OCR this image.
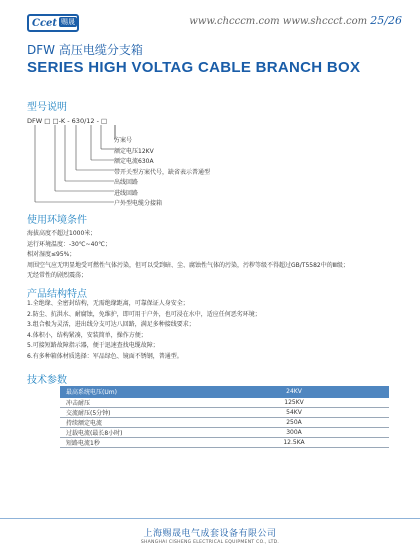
Ccet 赐晟	www.chcccт.com www.shccct.com 25/26
DFW 高压电缆分支箱
SERIES HIGH VOLTAG CABLE BRANCH BOX
型号说明
DFW □ □-K - 630/12 - □
方案号
额定电压12KV
额定电流630A
带开关型方案代号，缺省表示普通型
出线回路
进线回路
户外型电缆分接箱
使用环境条件
海拔高度不超过1000米；
运行环境温度：-30℃~40℃；
相对湿度≤95%；
周围空气应无明显地受可燃性气体污染，但可以受到暗、尘、腐蚀性气体的污染，污秽等级不得超过GB/T5582中的Ⅲ级；
无经常性的剧烈震荡；
产品结构特点
1.全绝缘、全密封结构，无需绝缘距离，可靠保证人身安全；
2.防尘、抗洪水、耐腐蚀，免维护，即可用于户外，也可浸在水中，适应任何恶劣环境；
3.组合极为灵活，进出线分支可达八回路，满足多种接线要求；
4.体积小，结构紧凑，安装简单，操作方便；
5.可接短路故障指示器，便于迅速查找电缆故障；
6.有多种箱体材质选择：军品绿色、镜面不锈钢，普通型。
技术参数
最高系统电压(Um)	24KV
冲击耐压	125KV
交流耐压(5分钟)	54KV
持续额定电流	250A
过载电流(最长8小时)	300A
短路电流1秒	12.5KA
上海赐晟电气成套设备有限公司
SHANGHAI CISHENG ELECTRICAL EQUIPMENT CO., LTD.
